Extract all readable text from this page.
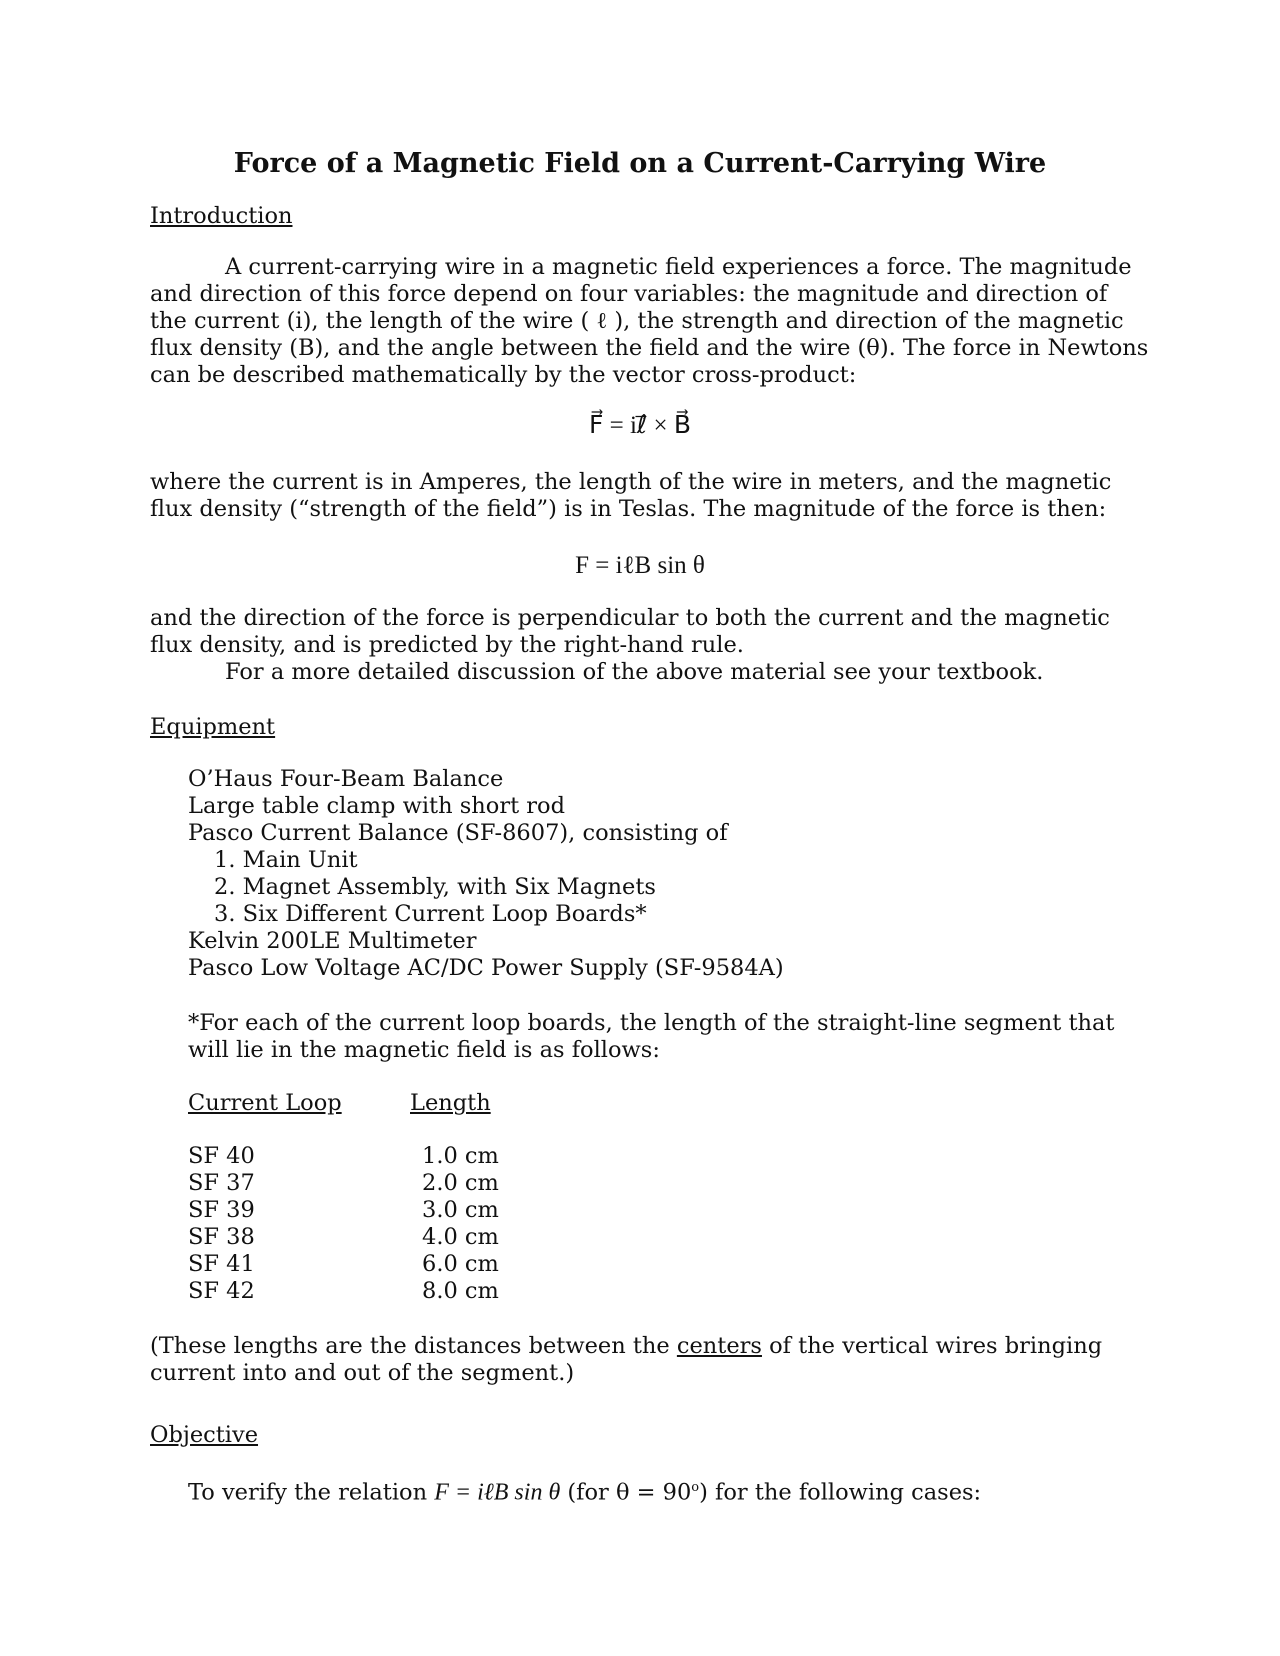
Force of a Magnetic Field on a Current-Carrying Wire
Introduction
A current-carrying wire in a magnetic field experiences a force. The magnitude
and direction of this force depend on four variables: the magnitude and direction of
the current (i), the length of the wire ( ℓ ), the strength and direction of the magnetic
flux density (B), and the angle between the field and the wire (θ). The force in Newtons
can be described mathematically by the vector cross-product:
F⃗ = iℓ⃗ × B⃗
where the current is in Amperes, the length of the wire in meters, and the magnetic
flux density (“strength of the field”) is in Teslas. The magnitude of the force is then:
F = iℓB sin θ
and the direction of the force is perpendicular to both the current and the magnetic
flux density, and is predicted by the right-hand rule.
For a more detailed discussion of the above material see your textbook.
Equipment
O’Haus Four-Beam Balance
Large table clamp with short rod
Pasco Current Balance (SF-8607), consisting of
1. Main Unit
2. Magnet Assembly, with Six Magnets
3. Six Different Current Loop Boards*
Kelvin 200LE Multimeter
Pasco Low Voltage AC/DC Power Supply (SF-9584A)
*For each of the current loop boards, the length of the straight-line segment that
will lie in the magnetic field is as follows:
Current Loop	Length
SF 40
SF 37
SF 39
SF 38
SF 41
SF 42
1.0 cm
2.0 cm
3.0 cm
4.0 cm
6.0 cm
8.0 cm
(These lengths are the distances between the centers of the vertical wires bringing
current into and out of the segment.)
Objective
To verify the relation F = iℓB sin θ (for $\theta = 90^o$) for the following cases:
